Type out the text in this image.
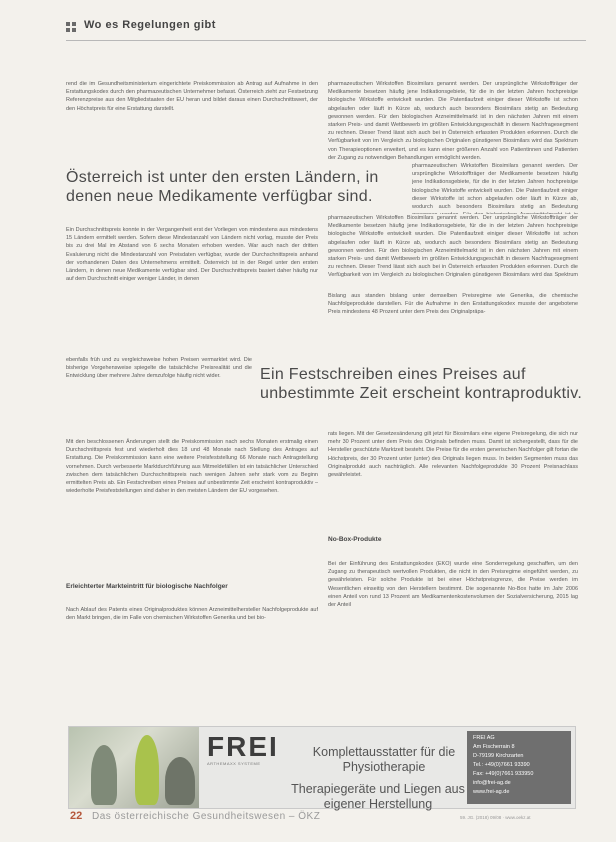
Wo es Regelungen gibt

rend die im Gesundheitsministerium eingerichtete Preiskommission ab Antrag auf Aufnahme in den Erstattungskodex durch den pharmazeutischen Unternehmer befasst. Österreich zieht zur Festsetzung Referenzpreise aus den Mitgliedstaaten der EU heran und bildet daraus einen Durchschnittswert, der den Höchstpreis für eine Erstattung darstellt.

Österreich ist unter den ersten Ländern, in denen neue Medikamente verfügbar sind.

Ein Durchschnittspreis konnte in der Vergangenheit erst der Vorliegen von mindestens aus mindestens 15 Ländern ermittelt werden. Sofern diese Mindestanzahl von Ländern nicht vorlag, musste der Preis bis zu drei Mal im Abstand von 6 sechs Monaten erhoben werden. War auch nach der dritten Evaluierung nicht die Mindestanzahl von Preisdaten verfügbar, wurde der Durchschnittspreis anhand der vorhandenen Daten des Unternehmens ermittelt. Österreich ist in der Regel unter den ersten Ländern, in denen neue Medikamente verfügbar sind. Der Durchschnittspreis basiert daher häufig nur auf dem Durchschnitt einiger weniger Länder, in denen

ebenfalls früh und zu vergleichsweise hohen Preisen vermarktet wird. Die bisherige Vorgehensweise spiegelte die tatsächliche Preisrealität und die Entwicklung über mehrere Jahre demzufolge häufig nicht wider.	Ein Festschreiben eines Preises auf unbestimmte Zeit erscheint kontraproduktiv.

Mit den beschlossenen Änderungen stellt die Preiskommission nach sechs Monaten erstmalig einen Durchschnittspreis fest und wiederholt dies 18 und 48 Monate nach Stellung des Antrages auf Erstattung. Die Preiskommission kann eine weitere Preisfeststellung 66 Monate nach Antragstellung vornehmen. Durch verbesserte Marktdurchführung aus Mitmeldefällen ist ein tatsächlicher Unterschied zwischen dem tatsächlichen Durchschnittspreis nach wenigen Jahren sehr stark vom zu Beginn ermittelten Preis ab. Ein Festschreiben eines Preises auf unbestimmte Zeit erscheint kontraproduktiv – wiederholte Preisfeststellungen sind daher in den meisten Ländern der EU vorgesehen.

Erleichterter Markteintritt für biologische Nachfolger

Nach Ablauf des Patents eines Originalproduktes können Arzneimittelhersteller Nachfolgeprodukte auf den Markt bringen, die im Falle von chemischen Wirkstoffen Generika und bei bio-

pharmazeutischen Wirkstoffen Biosimilars genannt werden. Der ursprüngliche Wirkstoffträger der Medikamente besetzen häufig jene Indikationsgebiete, für die in der letzten Jahren hochpreisige biologische Wirkstoffe entwickelt wurden. Die Patentlaufzeit einiger dieser Wirkstoffe ist schon abgelaufen oder läuft in Kürze ab, wodurch auch besonders Biosimilars stetig an Bedeutung gewonnen werden. Für den biologischen Arzneimittelmarkt ist in den nächsten Jahren mit einem starken Preis- und damit Wettbewerb im größten Entwicklungsgeschäft in diesem Nachfragesegment zu rechnen. Dieser Trend lässt sich auch bei in Österreich erfassten Produkten erkennen. Durch die Verfügbarkeit von im Vergleich zu biologischen Originalen günstigeren Biosimilars wird das Spektrum von Therapieoptionen erweitert, und es kann einer größeren Anzahl von Patientinnen und Patienten der Zugang zu notwendigen Behandlungen ermöglicht werden.

pharmazeutischen Wirkstoffen Biosimilars genannt werden. Der ursprüngliche Wirkstoffträger der Medikamente besetzen häufig jene Indikationsgebiete, für die in der letzten Jahren hochpreisige biologische Wirkstoffe entwickelt wurden. Die Patentlaufzeit einiger dieser Wirkstoffe ist schon abgelaufen oder läuft in Kürze ab, wodurch auch besonders Biosimilars stetig an Bedeutung

pharmazeutischen Wirkstoffen Biosimilars genannt werden. Der ursprüngliche Wirkstoffträger der Medikamente besetzen häufig jene Indikationsgebiete, für die in der letzten Jahren hochpreisige biologische Wirkstoffe entwickelt wurden. Die Patentlaufzeit einiger dieser Wirkstoffe ist schon abgelaufen oder läuft in Kürze ab, wodurch auch besonders Biosimilars stetig an Bedeutung gewonnen werden. Für den biologischen Arzneimittelmarkt ist in den nächsten Jahren mit einem starken Preis- und damit Wettbewerb im größten Entwicklungsgeschäft in diesem Nachfragesegment zu rechnen. Dieser Trend lässt sich auch bei in Österreich erfassten Produkten erkennen. Durch die Verfügbarkeit von im Vergleich zu biologischen Originalen günstigeren Biosimilars wird das Spektrum

Bislang aus standen bislang unter demselben Preisregime wie Generika, die chemische Nachfolgeprodukte darstellen. Für die Aufnahme in den Erstattungskodex musste der angebotene Preis mindestens 48 Prozent unter dem Preis des Originalpräpa-

rats liegen. Mit der Gesetzesänderung gilt jetzt für Biosimilars eine eigene Preisregelung, die sich nur mehr 30 Prozent unter dem Preis des Originals befinden muss. Damit ist sichergestellt, dass für die Hersteller geschützte Marktzeit besteht. Die Preise für die ersten generischen Nachfolger gilt fortan die Höchstpreis, der 30 Prozent unter (unter) des Originals liegen muss. In beiden Segmenten muss das Originalprodukt auch nachträglich. Alle relevanten Nachfolgeprodukte 30 Prozent Preisnachlass gewährleistet.

No-Box-Produkte

Bei der Einführung des Erstattungskodex (EKO) wurde eine Sonderregelung geschaffen, um den Zugang zu therapeutisch wertvollen Produkten, die nicht in den Preisregime eingeführt werden, zu gewährleisten. Für solche Produkte ist bei einer Höchstpreisgrenze, die Preise werden im Wesentlichen einseitig von den Herstellern bestimmt. Die sogenannte No-Box hatte im Jahr 2006 einen Anteil von rund 13 Prozent am Medikamentenkostenvolumen der Sozialversicherung, 2015 lag der Anteil

FREI
ARTHEMAXX SYSTEME
Komplettausstatter für die Physiotherapie
Therapiegeräte und Liegen aus eigener Herstellung
FREI AG
Am Fischerrain 8
D-79199 Kirchzarten
Tel.: +49(0)7661 93390
Fax: +49(0)7661 933950
info@frei-ag.de
www.frei-ag.de
22 Das österreichische Gesundheitswesen – ÖKZ	59. JG. (2018) 09/08 · www.oekz.at
